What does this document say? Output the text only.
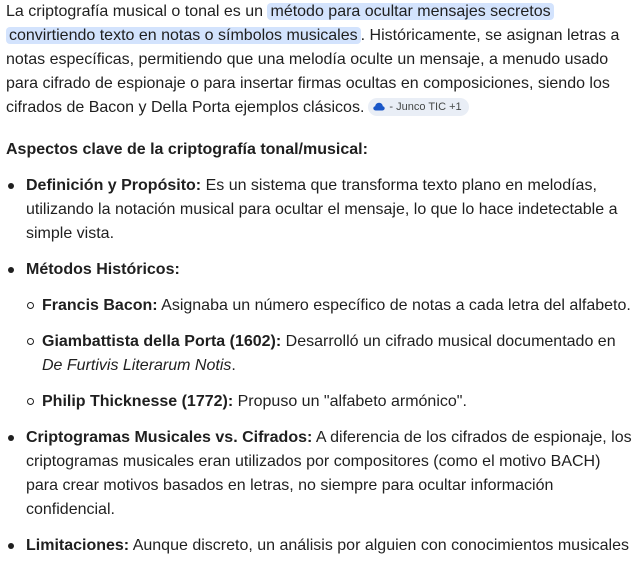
La criptografía musical o tonal es un método para ocultar mensajes secretos convirtiendo texto en notas o símbolos musicales . Históricamente, se asignan letras a notas específicas, permitiendo que una melodía oculte un mensaje, a menudo usado para cifrado de espionaje o para insertar firmas ocultas en composiciones, siendo los cifrados de Bacon y Della Porta ejemplos clásicos. - Junco TIC +1

Aspectos clave de la criptografía tonal/musical:
Definición y Propósito: Es un sistema que transforma texto plano en melodías, utilizando la notación musical para ocultar el mensaje, lo que lo hace indetectable a simple vista.
Métodos Históricos:
Francis Bacon: Asignaba un número específico de notas a cada letra del alfabeto.
Giambattista della Porta (1602): Desarrolló un cifrado musical documentado en De Furtivis Literarum Notis.
Philip Thicknesse (1772): Propuso un "alfabeto armónico".
Criptogramas Musicales vs. Cifrados: A diferencia de los cifrados de espionaje, los criptogramas musicales eran utilizados por compositores (como el motivo BACH) para crear motivos basados en letras, no siempre para ocultar información confidencial.
Limitaciones: Aunque discreto, un análisis por alguien con conocimientos musicales
